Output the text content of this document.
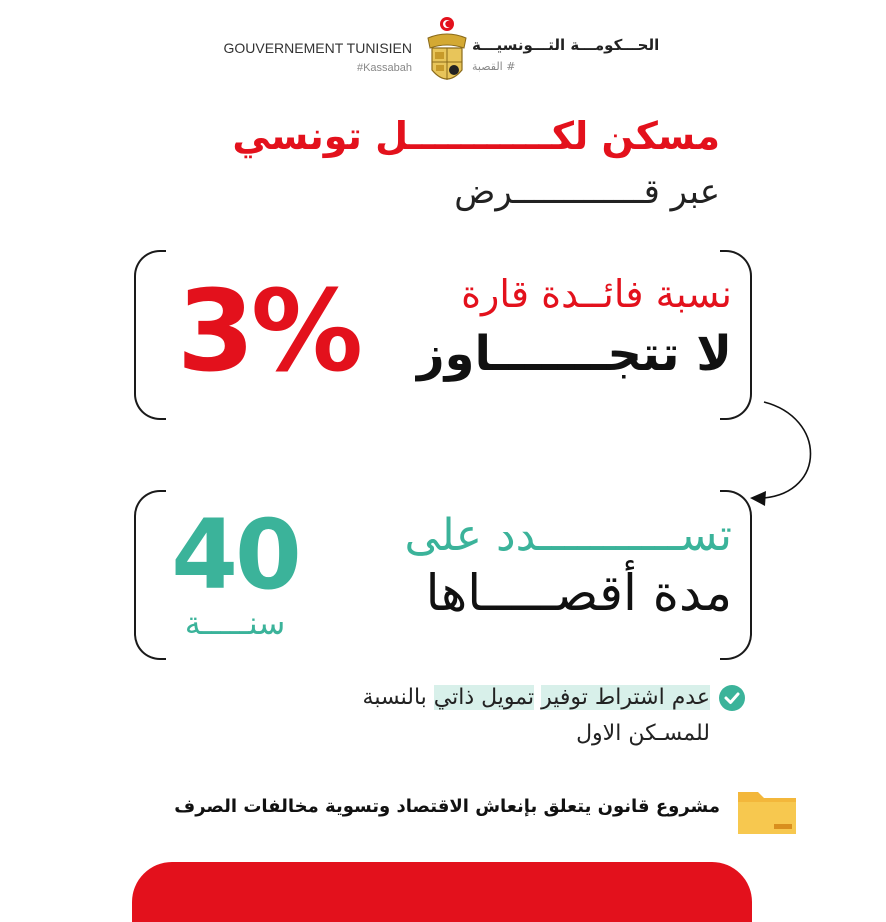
GOUVERNEMENT TUNISIEN
#Kassabah
الحـــكومـــة التـــونسيـــة
# القصبة
مسكن لكـــــــــــل تونسي
عبر قـــــــــــــرض
3%	نسبة فائــدة قارة
لا تتجـــــــاوز
40
سنـــــة
تســـــــــــدد على
مدة أقصـــــاها
عدم اشتراط توفير تمويل ذاتي بالنسبة
للمسـكن الاول
مشروع قانون يتعلق بإنعاش الاقتصاد وتسوية مخالفات الصرف
